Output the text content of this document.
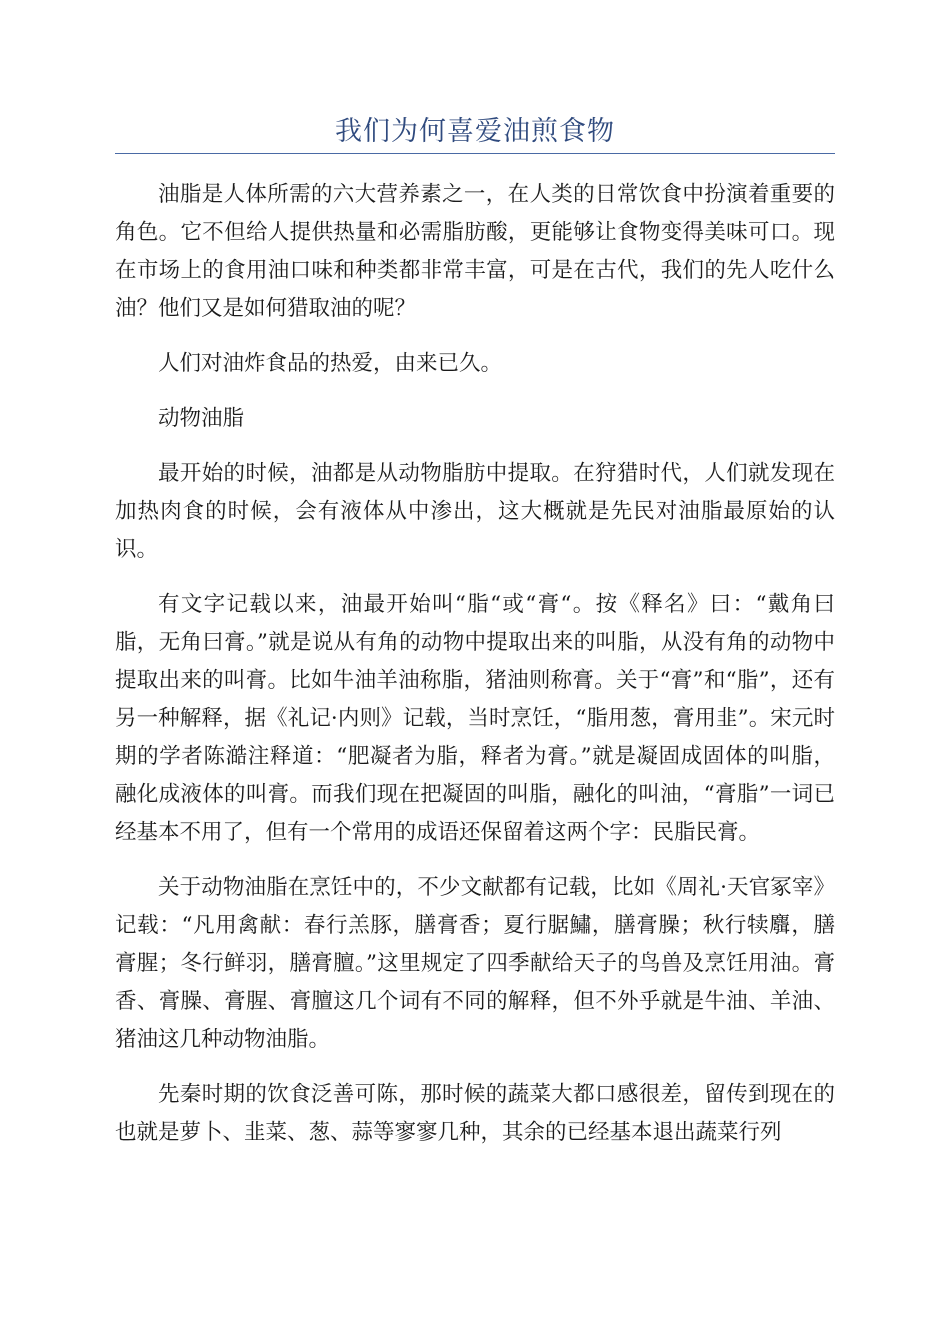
我们为何喜爱油煎食物

油脂是人体所需的六大营养素之一，在人类的日常饮食中扮演着重要的角色。它不但给人提供热量和必需脂肪酸，更能够让食物变得美味可口。现在市场上的食用油口味和种类都非常丰富，可是在古代，我们的先人吃什么油？他们又是如何猎取油的呢？

人们对油炸食品的热爱，由来已久。

动物油脂

最开始的时候，油都是从动物脂肪中提取。在狩猎时代，人们就发现在加热肉食的时候，会有液体从中渗出，这大概就是先民对油脂最原始的认识。

有文字记载以来，油最开始叫“脂“或“膏“。按《释名》曰：“戴角曰脂，无角曰膏。”就是说从有角的动物中提取出来的叫脂，从没有角的动物中提取出来的叫膏。比如牛油羊油称脂，猪油则称膏。关于“膏”和“脂”，还有另一种解释，据《礼记·内则》记载，当时烹饪，“脂用葱，膏用韭”。宋元时期的学者陈澔注释道：“肥凝者为脂，释者为膏。”就是凝固成固体的叫脂，融化成液体的叫膏。而我们现在把凝固的叫脂，融化的叫油，“膏脂”一词已经基本不用了，但有一个常用的成语还保留着这两个字：民脂民膏。

关于动物油脂在烹饪中的，不少文献都有记载，比如《周礼·天官冢宰》记载：“凡用禽献：春行羔豚，膳膏香；夏行腒鱐，膳膏臊；秋行犊麛，膳膏腥；冬行鲜羽，膳膏膻。”这里规定了四季献给天子的鸟兽及烹饪用油。膏香、膏臊、膏腥、膏膻这几个词有不同的解释，但不外乎就是牛油、羊油、猪油这几种动物油脂。

先秦时期的饮食泛善可陈，那时候的蔬菜大都口感很差，留传到现在的也就是萝卜、韭菜、葱、蒜等寥寥几种，其余的已经基本退出蔬菜行列
